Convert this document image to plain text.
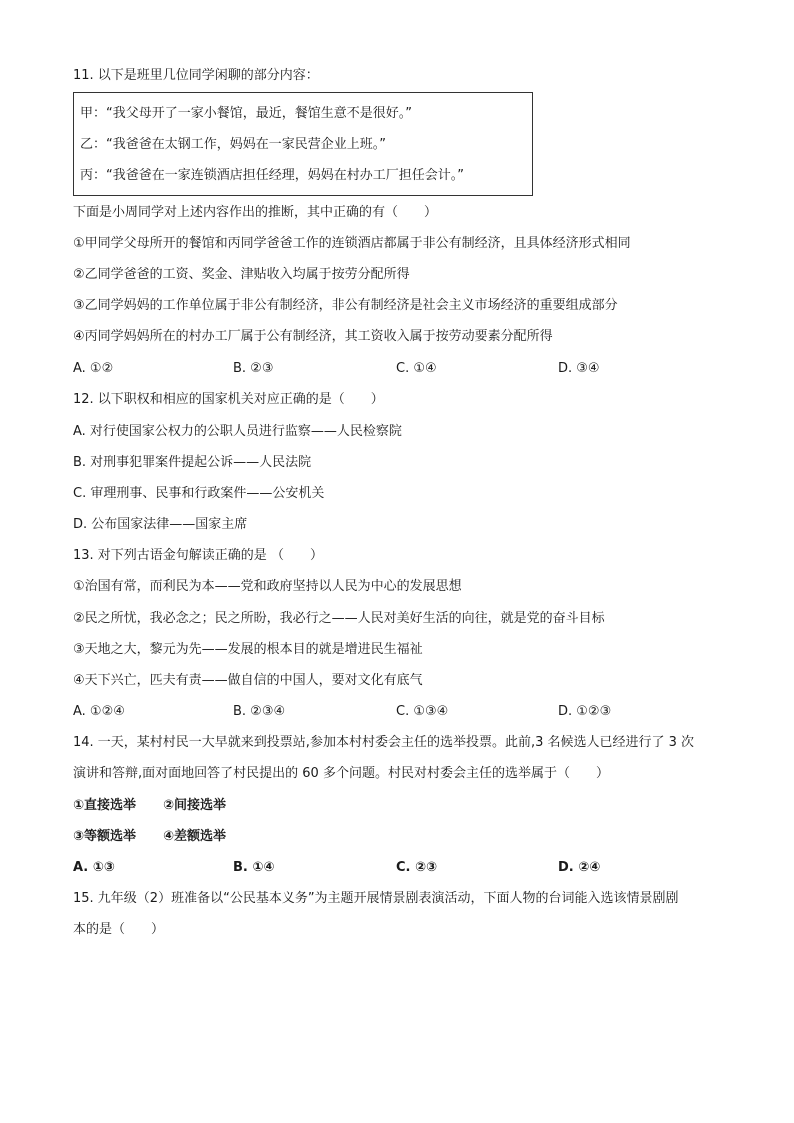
11. 以下是班里几位同学闲聊的部分内容：
甲：“我父母开了一家小餐馆，最近，餐馆生意不是很好。”
乙：“我爸爸在太钢工作，妈妈在一家民营企业上班。”
丙：“我爸爸在一家连锁酒店担任经理，妈妈在村办工厂担任会计。”
下面是小周同学对上述内容作出的推断，其中正确的有（　　）
①甲同学父母所开的餐馆和丙同学爸爸工作的连锁酒店都属于非公有制经济，且具体经济形式相同
②乙同学爸爸的工资、奖金、津贴收入均属于按劳分配所得
③乙同学妈妈的工作单位属于非公有制经济，非公有制经济是社会主义市场经济的重要组成部分
④丙同学妈妈所在的村办工厂属于公有制经济，其工资收入属于按劳动要素分配所得
A. ①②	B. ②③	C. ①④	D. ③④
12. 以下职权和相应的国家机关对应正确的是（　　）
A. 对行使国家公权力的公职人员进行监察——人民检察院
B. 对刑事犯罪案件提起公诉——人民法院
C. 审理刑事、民事和行政案件——公安机关
D. 公布国家法律——国家主席
13. 对下列古语金句解读正确的是 （　　）
①治国有常，而利民为本——党和政府坚持以人民为中心的发展思想
②民之所忧，我必念之；民之所盼，我必行之——人民对美好生活的向往，就是党的奋斗目标
③天地之大，黎元为先——发展的根本目的就是增进民生福祉
④天下兴亡，匹夫有责——做自信的中国人，要对文化有底气
A. ①②④	B. ②③④	C. ①③④	D. ①②③
14. 一天，某村村民一大早就来到投票站,参加本村村委会主任的选举投票。此前,3 名候选人已经进行了 3 次
演讲和答辩,面对面地回答了村民提出的 60 多个问题。村民对村委会主任的选举属于（　　）
①直接选举 ②间接选举
③等额选举 ④差额选举
A. ①③	B. ①④	C. ②③	D. ②④
15. 九年级（2）班准备以“公民基本义务”为主题开展情景剧表演活动，下面人物的台词能入选该情景剧剧
本的是（　　）
